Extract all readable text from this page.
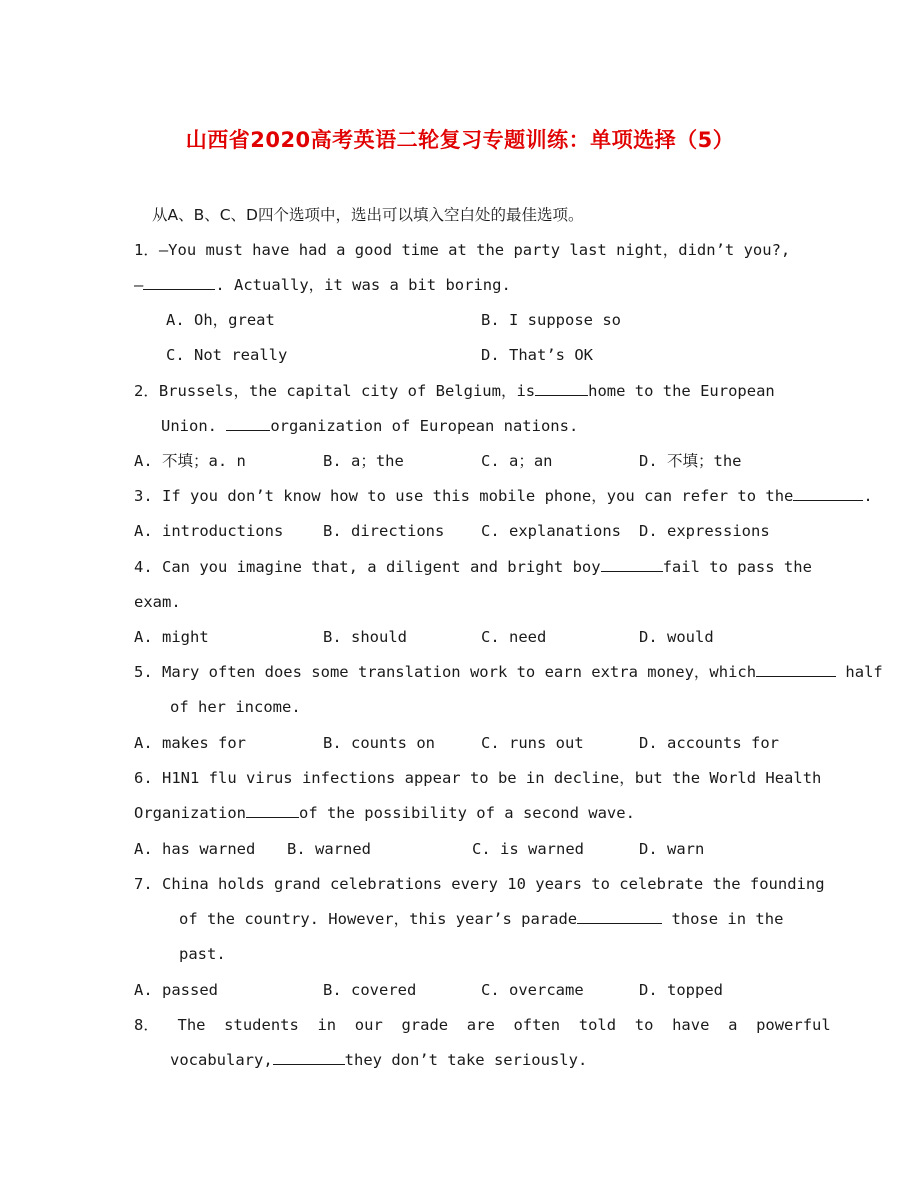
山西省2020高考英语二轮复习专题训练：单项选择（5）
从A、B、C、D四个选项中，选出可以填入空白处的最佳选项。
1．—You must have had a good time at the party last night，didn’t you?,
—	. Actually，it was a bit boring.
A. Oh，great	B. I suppose so
C. Not really	D. That’s OK
2．Brussels，the capital city of Belgium，is	home to the European
Union.	organization of European nations.
A. 不填；a. n	B. a；the	C. a；an	D. 不填；the
3. If you don’t know how to use this mobile phone，you can refer to the	.
A. introductions	B. directions C. explanations D. expressions
4. Can you imagine that, a diligent and bright boy	fail to pass the
exam.
A. might	B. should	C. need	D. would
5. Mary often does some translation work to earn extra money，which	half
of her income.
A. makes for	B. counts on	C. runs out	D. accounts for
6. H1N1 flu virus infections appear to be in decline，but the World Health
Organization	of the possibility of a second wave.
A. has warned B. warned	C. is warned	D. warn
7. China holds grand celebrations every 10 years to celebrate the founding
of the country. However，this year’s parade	those in the
past.
A. passed	B. covered	C. overcame	D. topped
8．  The  students  in  our  grade  are  often  told  to  have  a  powerful
vocabulary,	they don’t take seriously.
